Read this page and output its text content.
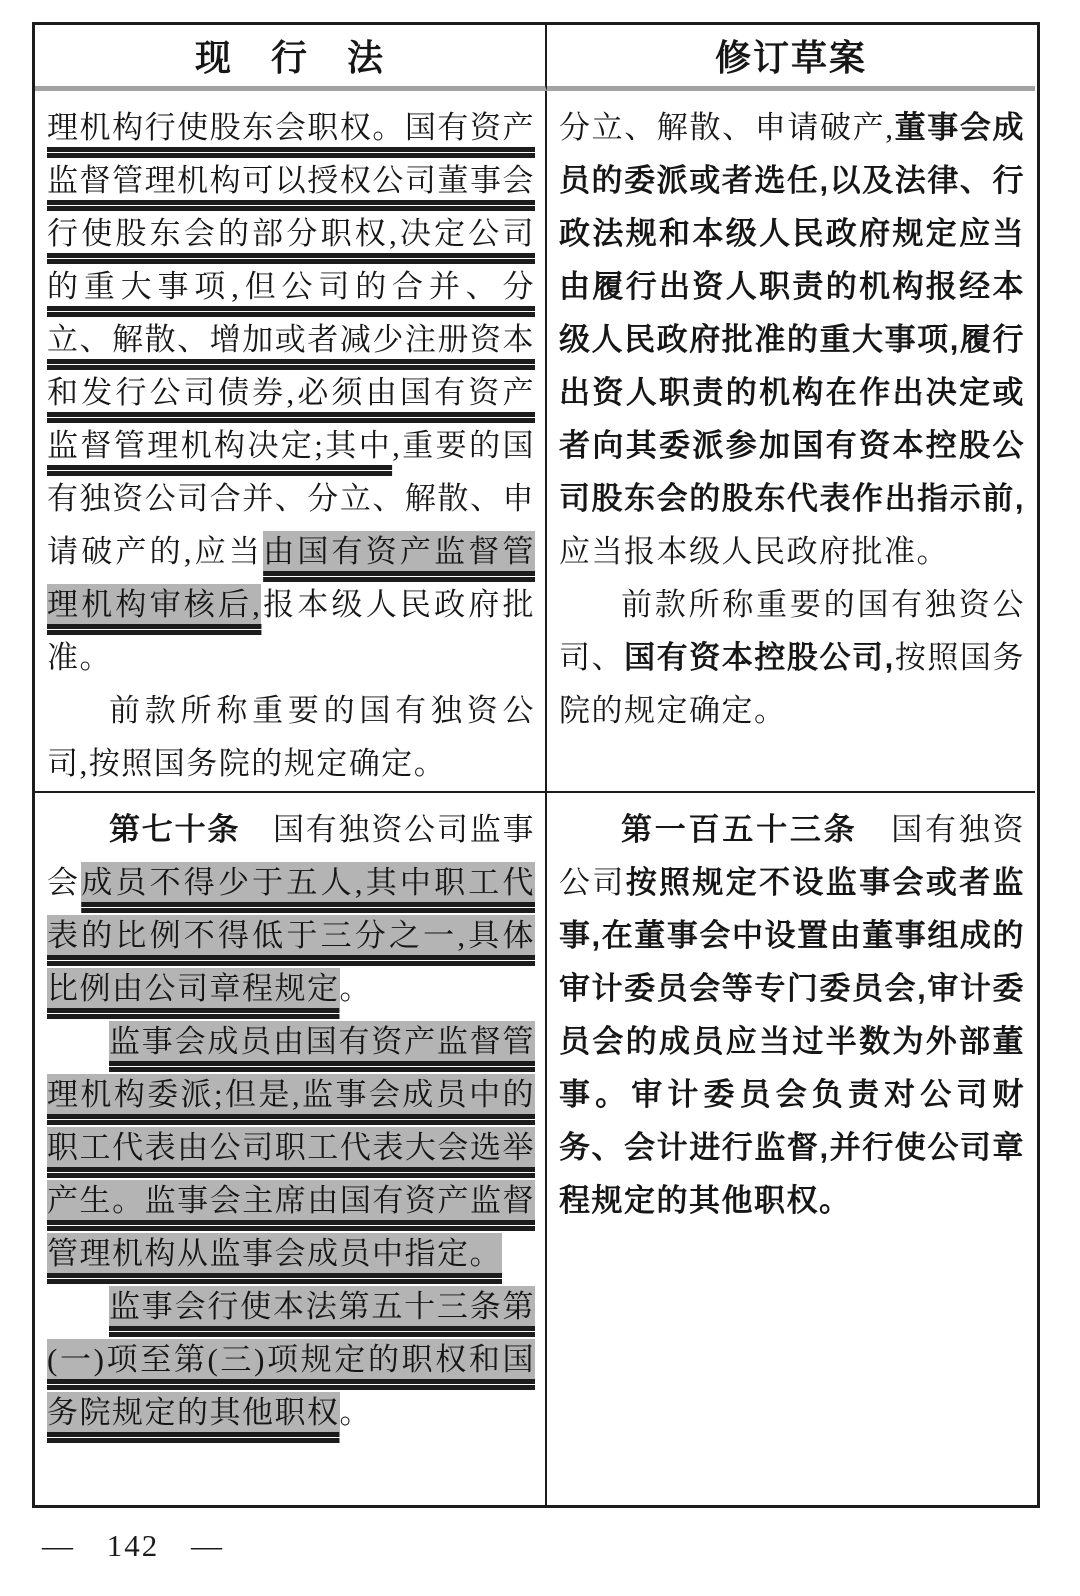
现　行　法	修订草案

理机构行使股东会职权。国有资产监督管理机构可以授权公司董事会行使股东会的部分职权,决定公司的重大事项,但公司的合并、分立、解散、增加或者减少注册资本和发行公司债券,必须由国有资产监督管理机构决定;其中,重要的国有独资公司合并、分立、解散、申请破产的,应当由国有资产监督管理机构审核后,报本级人民政府批准。

前款所称重要的国有独资公司,按照国务院的规定确定。

分立、解散、申请破产,董事会成员的委派或者选任,以及法律、行政法规和本级人民政府规定应当由履行出资人职责的机构报经本级人民政府批准的重大事项,履行出资人职责的机构在作出决定或者向其委派参加国有资本控股公司股东会的股东代表作出指示前,应当报本级人民政府批准。

前款所称重要的国有独资公司、国有资本控股公司,按照国务院的规定确定。

第七十条　国有独资公司监事会成员不得少于五人,其中职工代表的比例不得低于三分之一,具体比例由公司章程规定。

监事会成员由国有资产监督管理机构委派;但是,监事会成员中的职工代表由公司职工代表大会选举产生。监事会主席由国有资产监督管理机构从监事会成员中指定。

监事会行使本法第五十三条第(一)项至第(三)项规定的职权和国务院规定的其他职权。

第一百五十三条　国有独资公司按照规定不设监事会或者监事,在董事会中设置由董事组成的审计委员会等专门委员会,审计委员会的成员应当过半数为外部董事。审计委员会负责对公司财务、会计进行监督,并行使公司章程规定的其他职权。

— 142 —
